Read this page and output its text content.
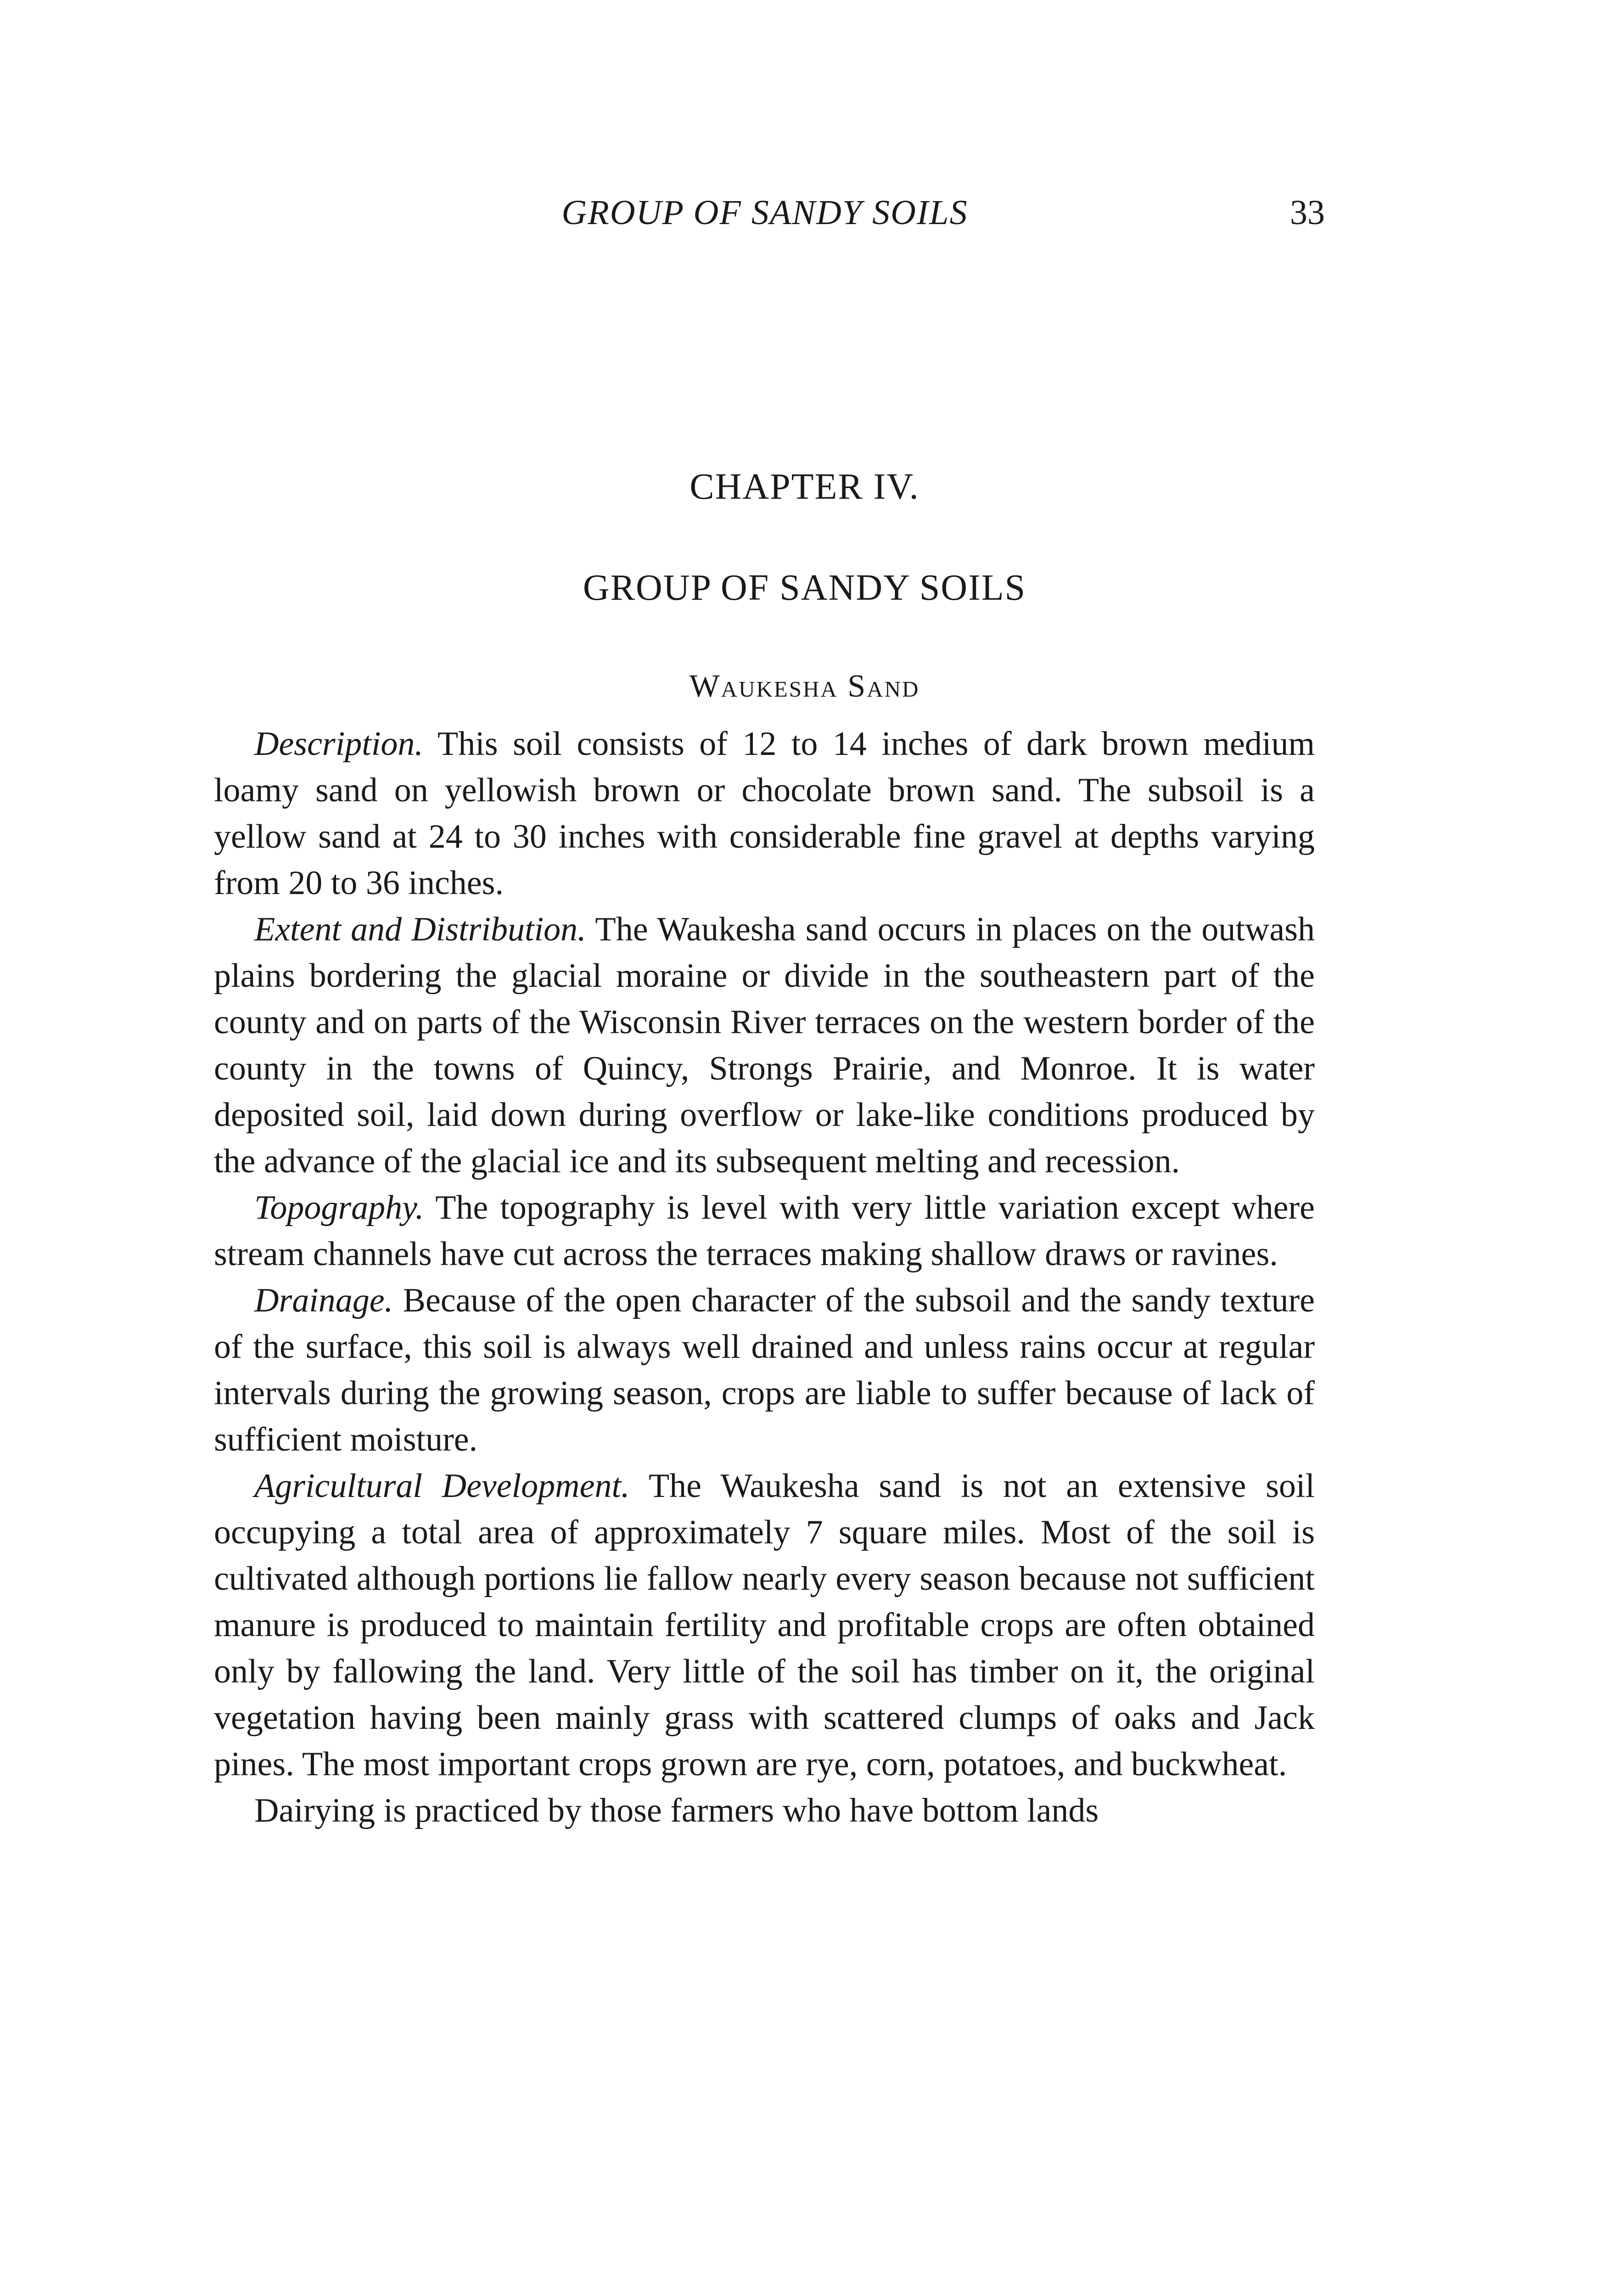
GROUP OF SANDY SOILS	33
CHAPTER IV.
GROUP OF SANDY SOILS
Waukesha Sand

Description. This soil consists of 12 to 14 inches of dark brown medium loamy sand on yellowish brown or chocolate brown sand. The subsoil is a yellow sand at 24 to 30 inches with considerable fine gravel at depths varying from 20 to 36 inches.

Extent and Distribution. The Waukesha sand occurs in places on the outwash plains bordering the glacial moraine or divide in the southeastern part of the county and on parts of the Wisconsin River terraces on the western border of the county in the towns of Quincy, Strongs Prairie, and Monroe. It is water deposited soil, laid down during overflow or lake-like conditions produced by the advance of the glacial ice and its subsequent melting and recession.

Topography. The topography is level with very little variation except where stream channels have cut across the terraces making shallow draws or ravines.

Drainage. Because of the open character of the subsoil and the sandy texture of the surface, this soil is always well drained and unless rains occur at regular intervals during the growing season, crops are liable to suffer because of lack of sufficient moisture.

Agricultural Development. The Waukesha sand is not an extensive soil occupying a total area of approximately 7 square miles. Most of the soil is cultivated although portions lie fallow nearly every season because not sufficient manure is produced to maintain fertility and profitable crops are often obtained only by fallowing the land. Very little of the soil has timber on it, the original vegetation having been mainly grass with scattered clumps of oaks and Jack pines. The most important crops grown are rye, corn, potatoes, and buckwheat.

Dairying is practiced by those farmers who have bottom lands
